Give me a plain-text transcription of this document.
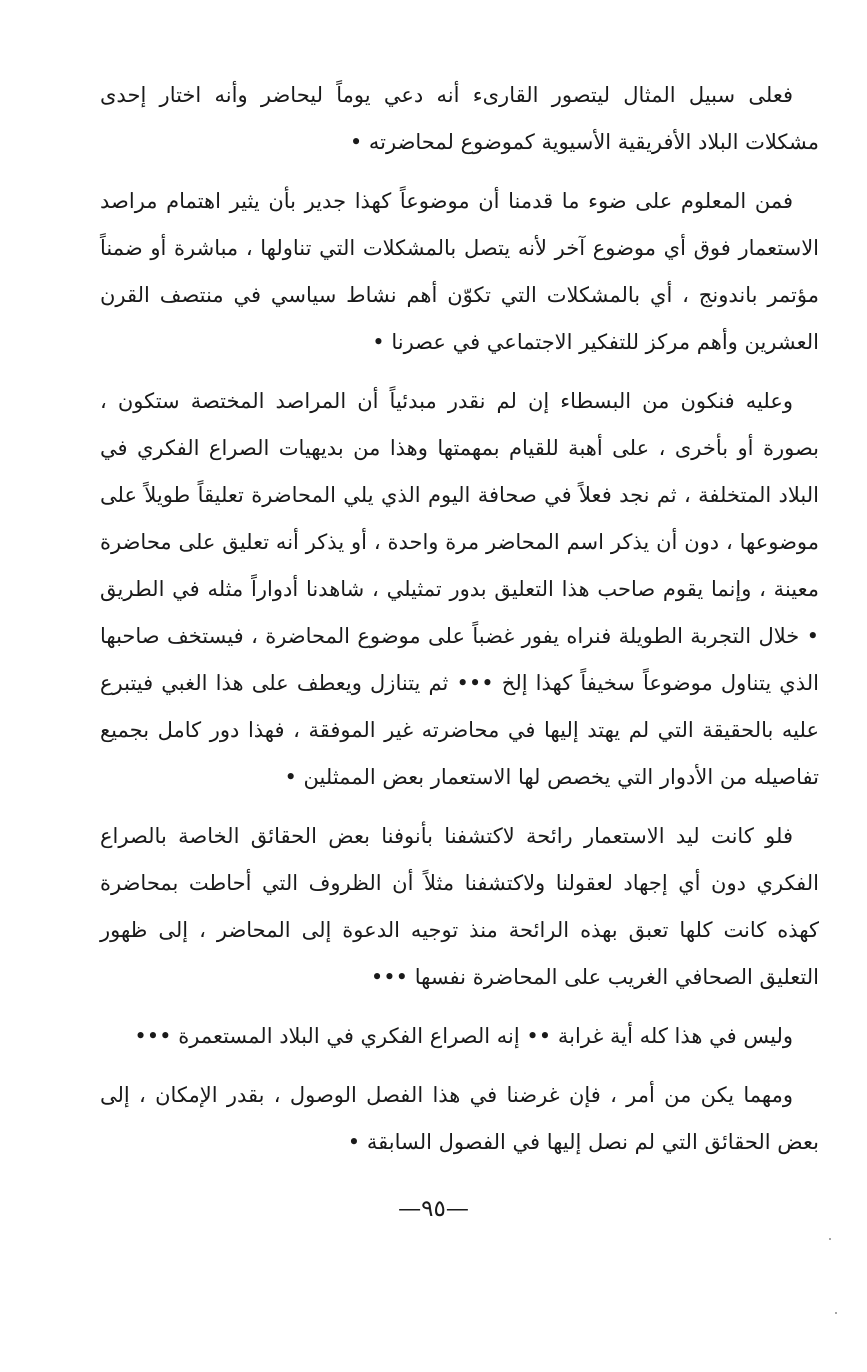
فعلى سبيل المثال ليتصور القارىء أنه دعي يوماً ليحاضر وأنه اختار إحدى مشكلات البلاد الأفريقية الأسيوية كموضوع لمحاضرته •

فمن المعلوم على ضوء ما قدمنا أن موضوعاً كهذا جدير بأن يثير اهتمام مراصد الاستعمار فوق أي موضوع آخر لأنه يتصل بالمشكلات التي تناولها ، مباشرة أو ضمناً مؤتمر باندونج ، أي بالمشكلات التي تكوّن أهم نشاط سياسي في منتصف القرن العشرين وأهم مركز للتفكير الاجتماعي في عصرنا •

وعليه فنكون من البسطاء إن لم نقدر مبدئياً أن المراصد المختصة ستكون ، بصورة أو بأخرى ، على أهبة للقيام بمهمتها وهذا من بديهيات الصراع الفكري في البلاد المتخلفة ، ثم نجد فعلاً في صحافة اليوم الذي يلي المحاضرة تعليقاً طويلاً على موضوعها ، دون أن يذكر اسم المحاضر مرة واحدة ، أو يذكر أنه تعليق على محاضرة معينة ، وإنما يقوم صاحب هذا التعليق بدور تمثيلي ، شاهدنا أدواراً مثله في الطريق • خلال التجربة الطويلة فنراه يفور غضباً على موضوع المحاضرة ، فيستخف صاحبها الذي يتناول موضوعاً سخيفاً كهذا إلخ ••• ثم يتنازل ويعطف على هذا الغبي فيتبرع عليه بالحقيقة التي لم يهتد إليها في محاضرته غير الموفقة ، فهذا دور كامل بجميع تفاصيله من الأدوار التي يخصص لها الاستعمار بعض الممثلين •

فلو كانت ليد الاستعمار رائحة لاكتشفنا بأنوفنا بعض الحقائق الخاصة بالصراع الفكري دون أي إجهاد لعقولنا ولاكتشفنا مثلاً أن الظروف التي أحاطت بمحاضرة كهذه كانت كلها تعبق بهذه الرائحة منذ توجيه الدعوة إلى المحاضر ، إلى ظهور التعليق الصحافي الغريب على المحاضرة نفسها •••

وليس في هذا كله أية غرابة •• إنه الصراع الفكري في البلاد المستعمرة •••

ومهما يكن من أمر ، فإن غرضنا في هذا الفصل الوصول ، بقدر الإمكان ، إلى بعض الحقائق التي لم نصل إليها في الفصول السابقة •

—٩٥—
